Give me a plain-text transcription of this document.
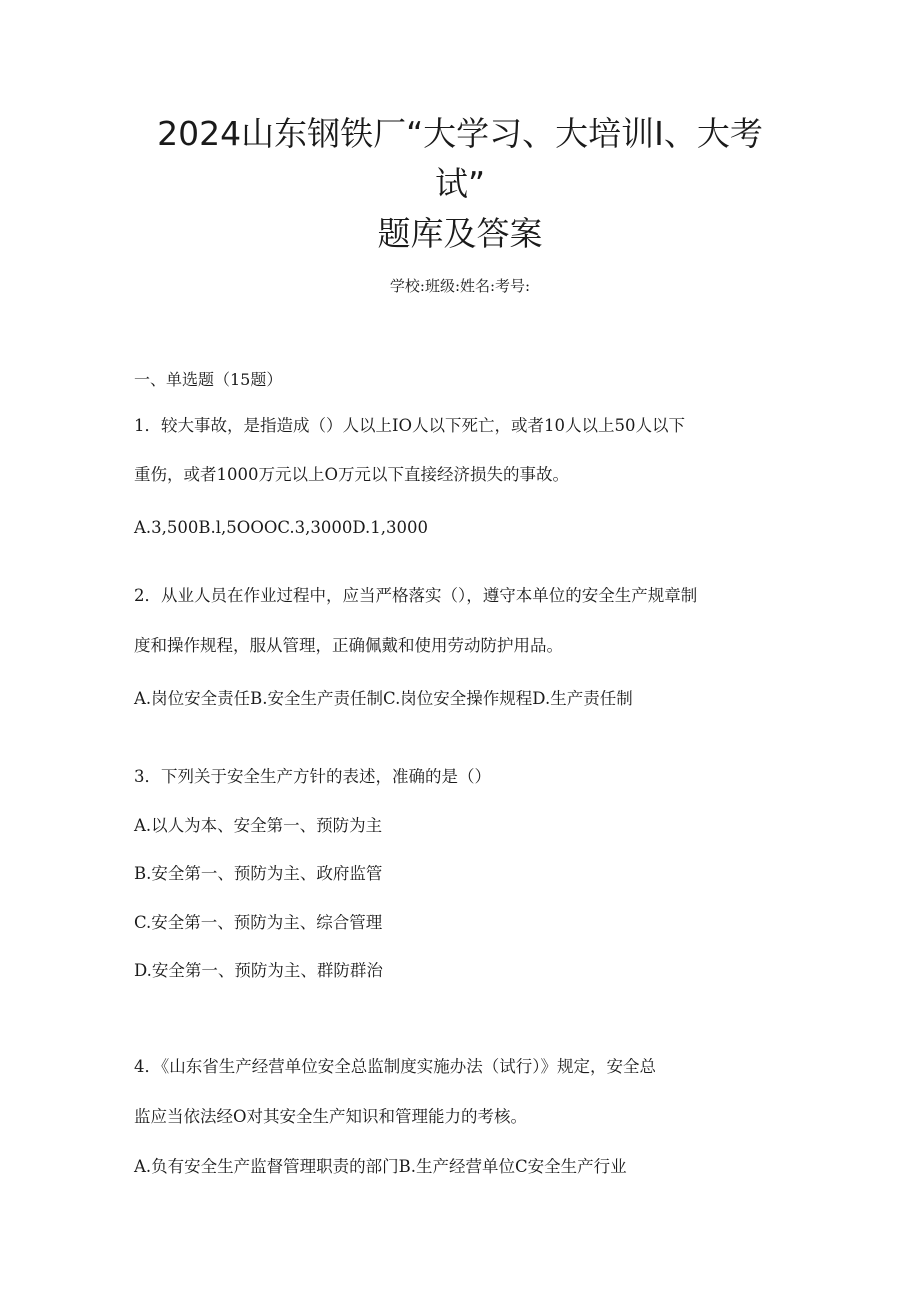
2024山东钢铁厂“大学习、大培训I、大考
试”
题库及答案
学校:班级:姓名:考号:
一、单选题（15题）
1．较大事故，是指造成（）人以上IO人以下死亡，或者10人以上50人以下
重伤，或者1000万元以上O万元以下直接经济损失的事故。
A.3,500B.l,5OOOC.3,3000D.1,3000
2．从业人员在作业过程中，应当严格落实（），遵守本单位的安全生产规章制
度和操作规程，服从管理，正确佩戴和使用劳动防护用品。
A.岗位安全责任B.安全生产责任制C.岗位安全操作规程D.生产责任制
3．下列关于安全生产方针的表述，准确的是（）
A.以人为本、安全第一、预防为主
B.安全第一、预防为主、政府监管
C.安全第一、预防为主、综合管理
D.安全第一、预防为主、群防群治
4．《山东省生产经营单位安全总监制度实施办法（试行）》规定，安全总
监应当依法经O对其安全生产知识和管理能力的考核。
A.负有安全生产监督管理职责的部门B.生产经营单位C安全生产行业
